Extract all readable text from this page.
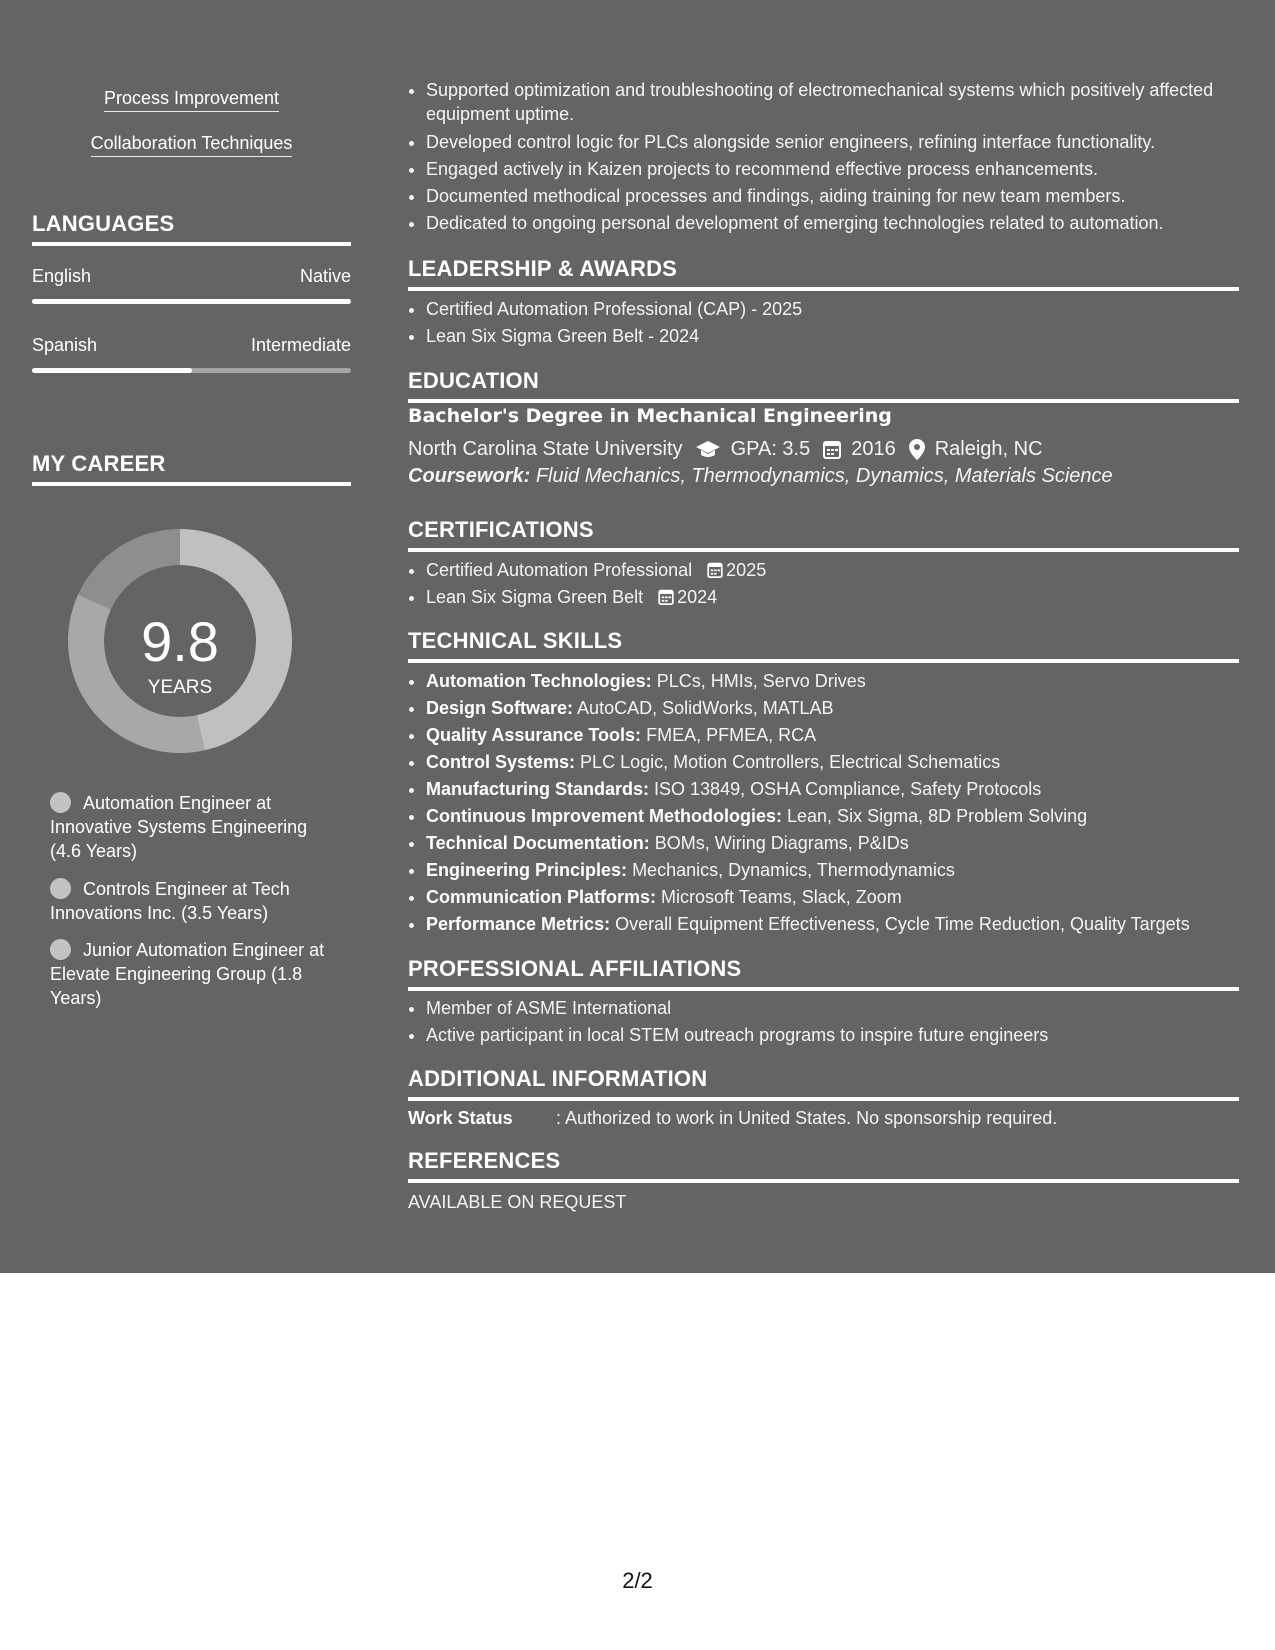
Process Improvement
Collaboration Techniques
LANGUAGES
English	Native
Spanish	Intermediate
MY CAREER
9.8
YEARS
Automation Engineer at Innovative Systems Engineering (4.6 Years)
Controls Engineer at Tech Innovations Inc. (3.5 Years)
Junior Automation Engineer at Elevate Engineering Group (1.8 Years)
• Supported optimization and troubleshooting of electromechanical systems which positively affected equipment uptime.
• Developed control logic for PLCs alongside senior engineers, refining interface functionality.
• Engaged actively in Kaizen projects to recommend effective process enhancements.
• Documented methodical processes and findings, aiding training for new team members.
• Dedicated to ongoing personal development of emerging technologies related to automation.
LEADERSHIP & AWARDS
• Certified Automation Professional (CAP) - 2025
• Lean Six Sigma Green Belt - 2024
EDUCATION
Bachelor's Degree in Mechanical Engineering
North Carolina State University GPA: 3.5 2016 Raleigh, NC
Coursework: Fluid Mechanics, Thermodynamics, Dynamics, Materials Science
CERTIFICATIONS
• Certified Automation Professional 2025
• Lean Six Sigma Green Belt 2024
TECHNICAL SKILLS
• Automation Technologies: PLCs, HMIs, Servo Drives
• Design Software: AutoCAD, SolidWorks, MATLAB
• Quality Assurance Tools: FMEA, PFMEA, RCA
• Control Systems: PLC Logic, Motion Controllers, Electrical Schematics
• Manufacturing Standards: ISO 13849, OSHA Compliance, Safety Protocols
• Continuous Improvement Methodologies: Lean, Six Sigma, 8D Problem Solving
• Technical Documentation: BOMs, Wiring Diagrams, P&IDs
• Engineering Principles: Mechanics, Dynamics, Thermodynamics
• Communication Platforms: Microsoft Teams, Slack, Zoom
• Performance Metrics: Overall Equipment Effectiveness, Cycle Time Reduction, Quality Targets
PROFESSIONAL AFFILIATIONS
• Member of ASME International
• Active participant in local STEM outreach programs to inspire future engineers
ADDITIONAL INFORMATION
Work Status : Authorized to work in United States. No sponsorship required.
REFERENCES
AVAILABLE ON REQUEST
2/2
